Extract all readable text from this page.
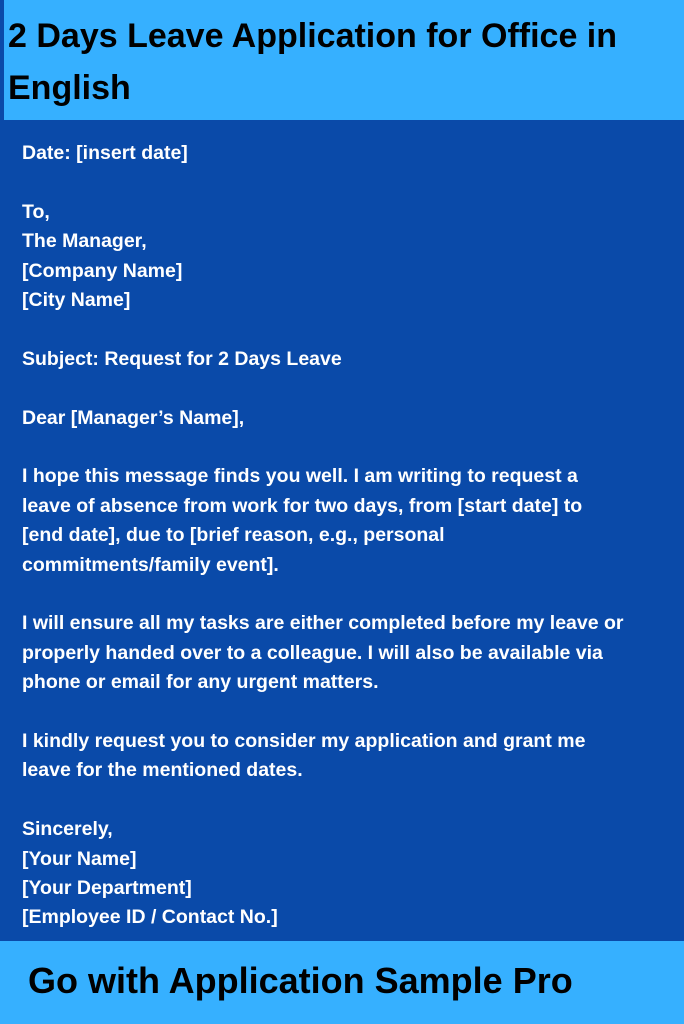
2 Days Leave Application for Office in English
Date: [insert date]
To,
The Manager,
[Company Name]
[City Name]
Subject: Request for 2 Days Leave
Dear [Manager’s Name],
I hope this message finds you well. I am writing to request a
leave of absence from work for two days, from [start date] to
[end date], due to [brief reason, e.g., personal
commitments/family event].
I will ensure all my tasks are either completed before my leave or
properly handed over to a colleague. I will also be available via
phone or email for any urgent matters.
I kindly request you to consider my application and grant me
leave for the mentioned dates.
Sincerely,
[Your Name]
[Your Department]
[Employee ID / Contact No.]

Go with Application Sample Pro
